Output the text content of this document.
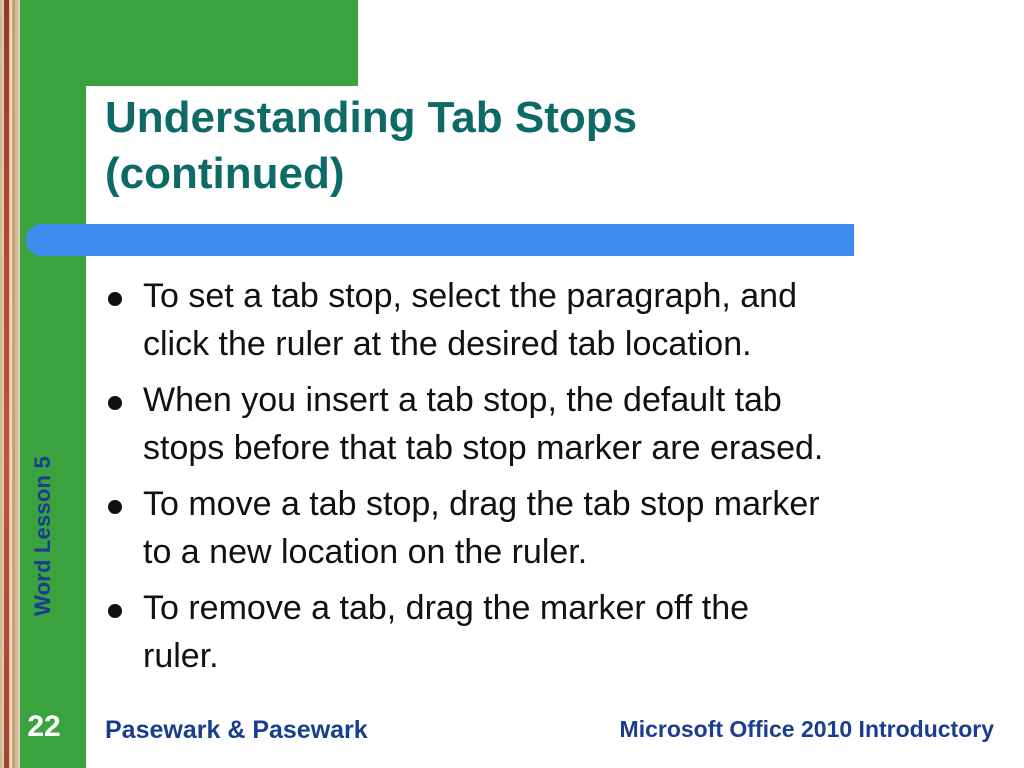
Word Lesson 5
Understanding Tab Stops
(continued)
To set a tab stop, select the paragraph, and
click the ruler at the desired tab location.
When you insert a tab stop, the default tab
stops before that tab stop marker are erased.
To move a tab stop, drag the tab stop marker
to a new location on the ruler.
To remove a tab, drag the marker off the
ruler.
22 Pasewark & Pasewark	Microsoft Office 2010 Introductory
